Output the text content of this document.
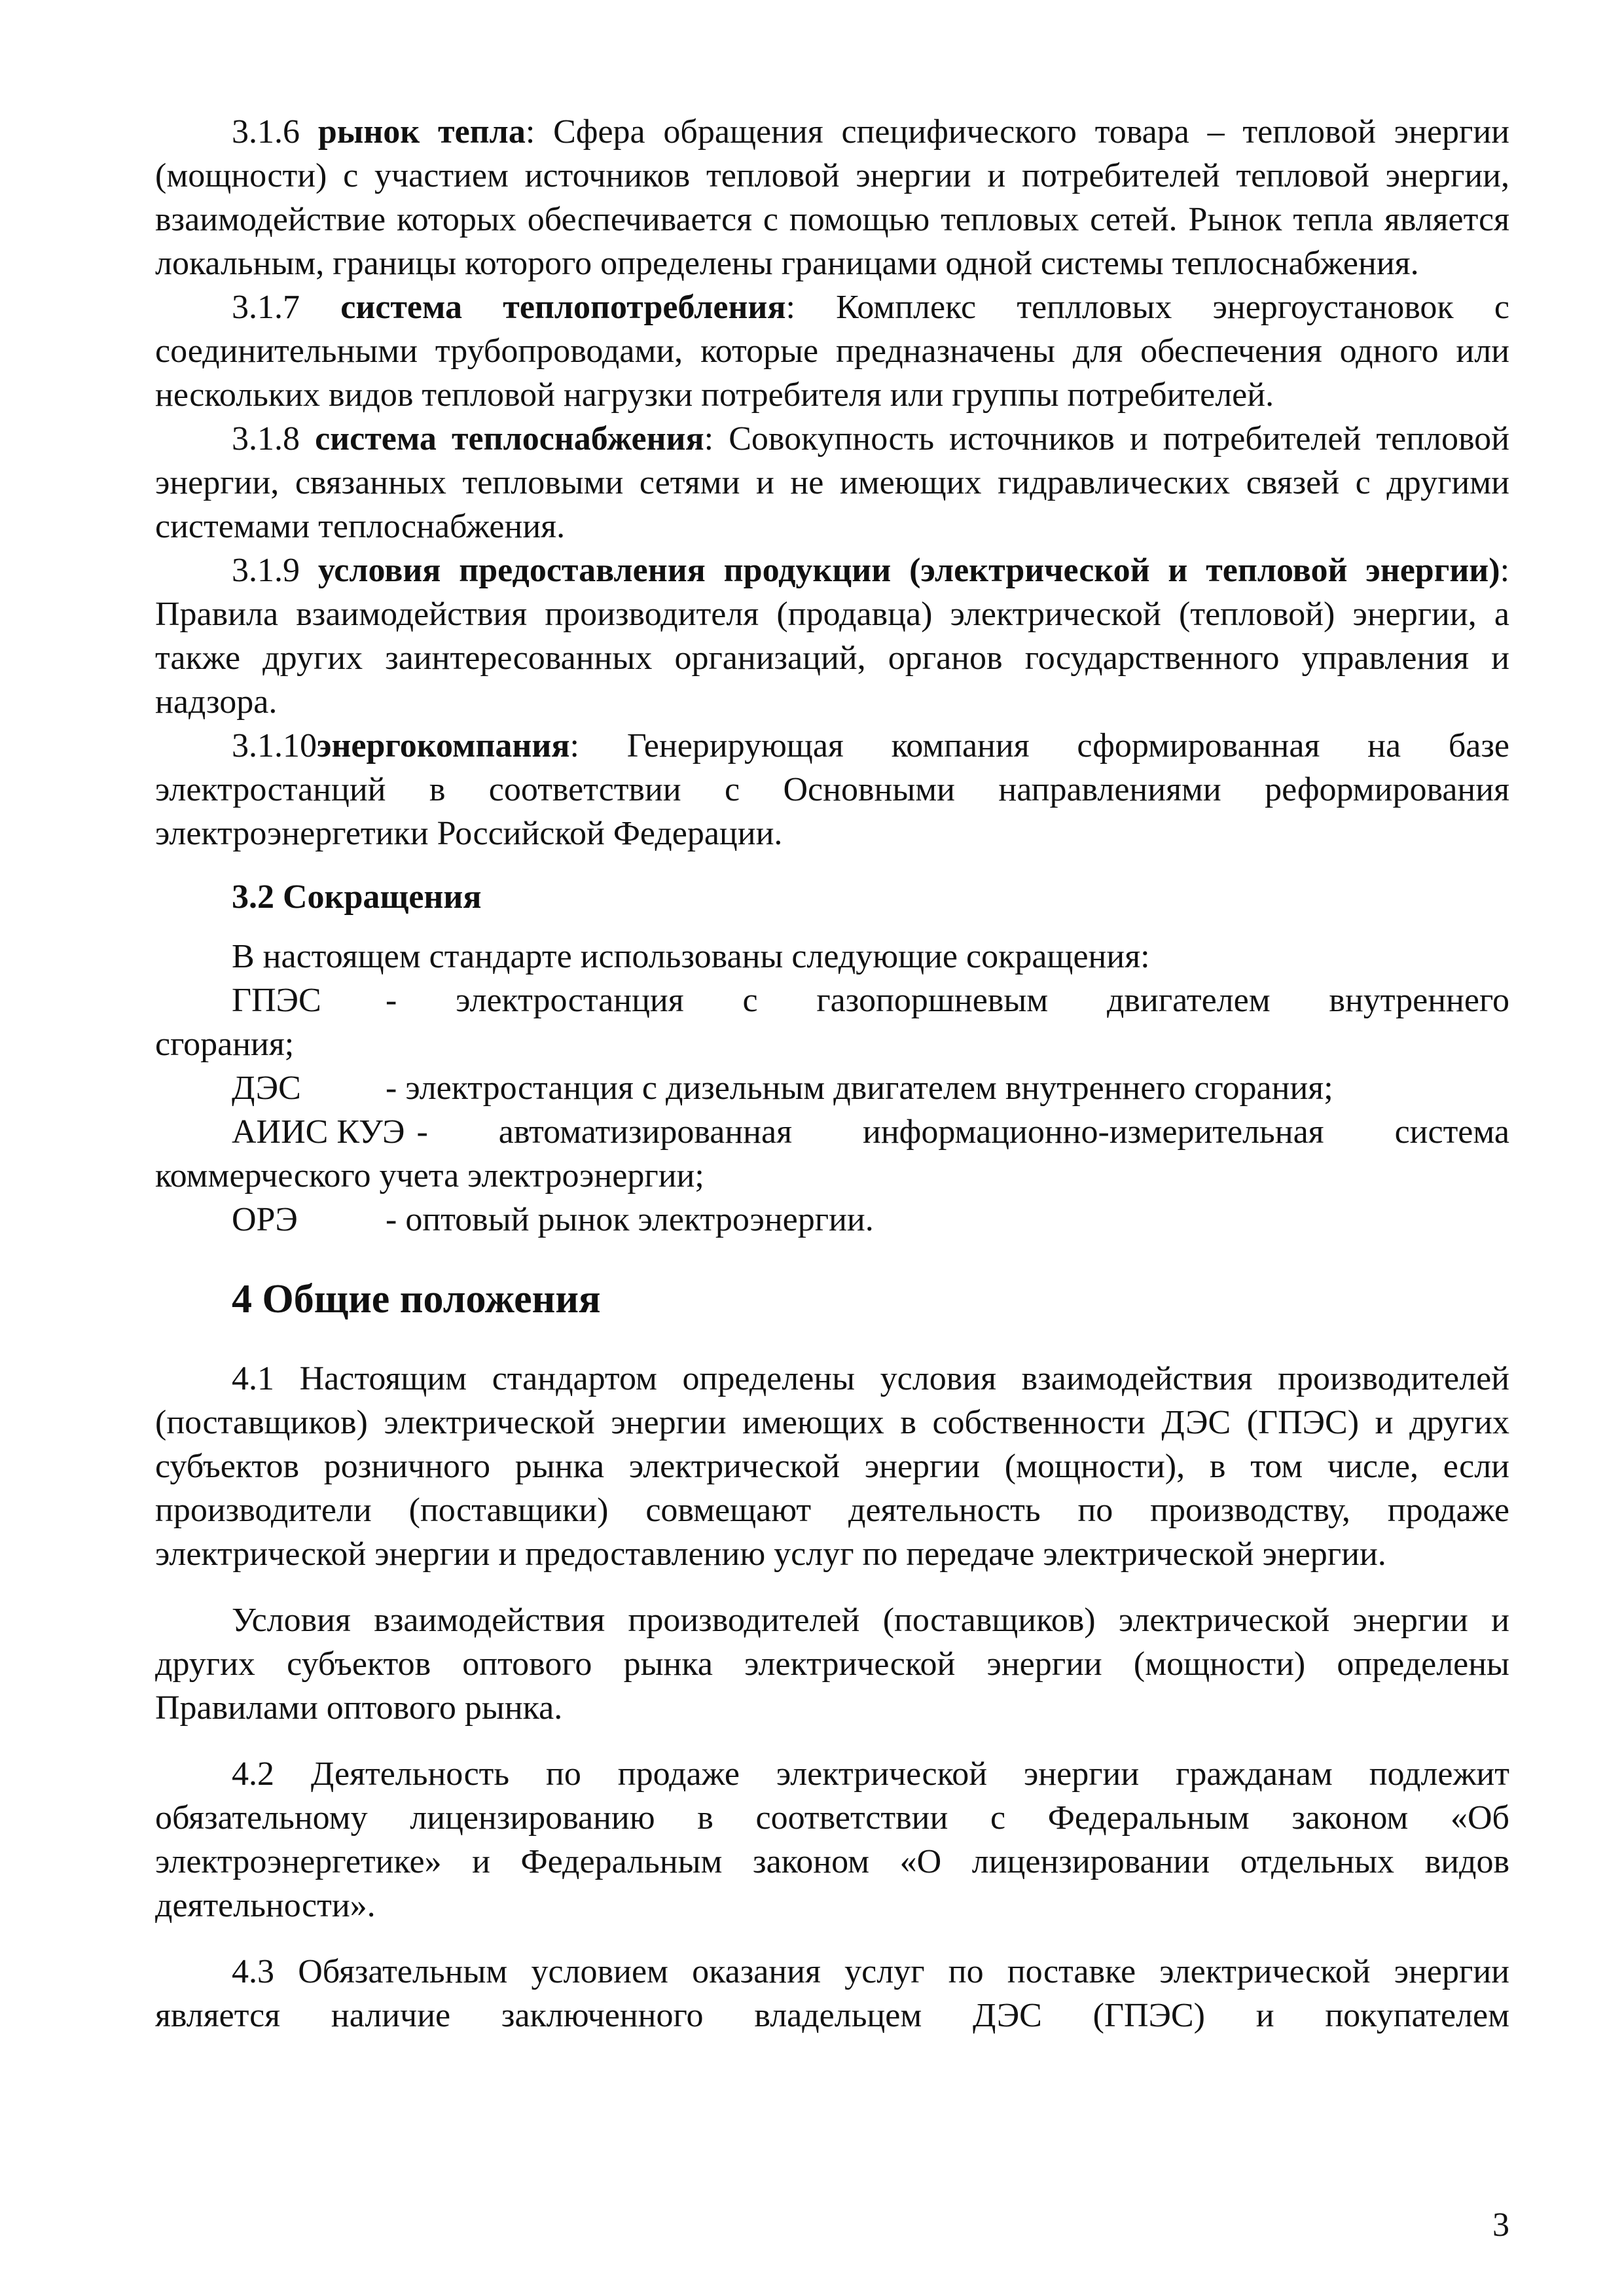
3.1.6 рынок тепла: Сфера обращения специфического товара – тепловой энергии (мощности) с участием источников тепловой энергии и потребителей тепловой энергии, взаимодействие которых обеспечивается с помощью тепловых сетей. Рынок тепла является локальным, границы которого определены границами одной системы теплоснабжения.

3.1.7 система теплопотребления: Комплекс теплловых энергоустановок с соединительными трубопроводами, которые предназначены для обеспечения одного или нескольких видов тепловой нагрузки потребителя или группы потребителей.

3.1.8 система теплоснабжения: Совокупность источников и потребителей тепловой энергии, связанных тепловыми сетями и не имеющих гидравлических связей с другими системами теплоснабжения.

3.1.9 условия предоставления продукции (электрической и тепловой энергии): Правила взаимодействия производителя (продавца) электрической (тепловой) энергии, а также других заинтересованных организаций, органов государственного управления и надзора.

3.1.10энергокомпания: Генерирующая компания сформированная на базе электростанций в соответствии с Основными направлениями реформирования электроэнергетики Российской Федерации.

3.2 Сокращения

В настоящем стандарте использованы следующие сокращения:

ГПЭС	- электростанция с газопоршневым двигателем внутреннего
сгорания;
ДЭС	- электростанция с дизельным двигателем внутреннего сгорания;
АИИС КУЭ - автоматизированная информационно-измерительная система
коммерческого учета электроэнергии;
ОРЭ	- оптовый рынок электроэнергии.
4 Общие положения

4.1 Настоящим стандартом определены условия взаимодействия производителей (поставщиков) электрической энергии имеющих в собственности ДЭС (ГПЭС) и других субъектов розничного рынка электрической энергии (мощности), в том числе, если производители (поставщики) совмещают деятельность по производству, продаже электрической энергии и предоставлению услуг по передаче электрической энергии.

Условия взаимодействия производителей (поставщиков) электрической энергии и других субъектов оптового рынка электрической энергии (мощности) определены Правилами оптового рынка.

4.2 Деятельность по продаже электрической энергии гражданам подлежит обязательному лицензированию в соответствии с Федеральным законом «Об электроэнергетике» и Федеральным законом «О лицензировании отдельных видов деятельности».

4.3 Обязательным условием оказания услуг по поставке электрической энергии является наличие заключенного владельцем ДЭС (ГПЭС) и покупателем

3
